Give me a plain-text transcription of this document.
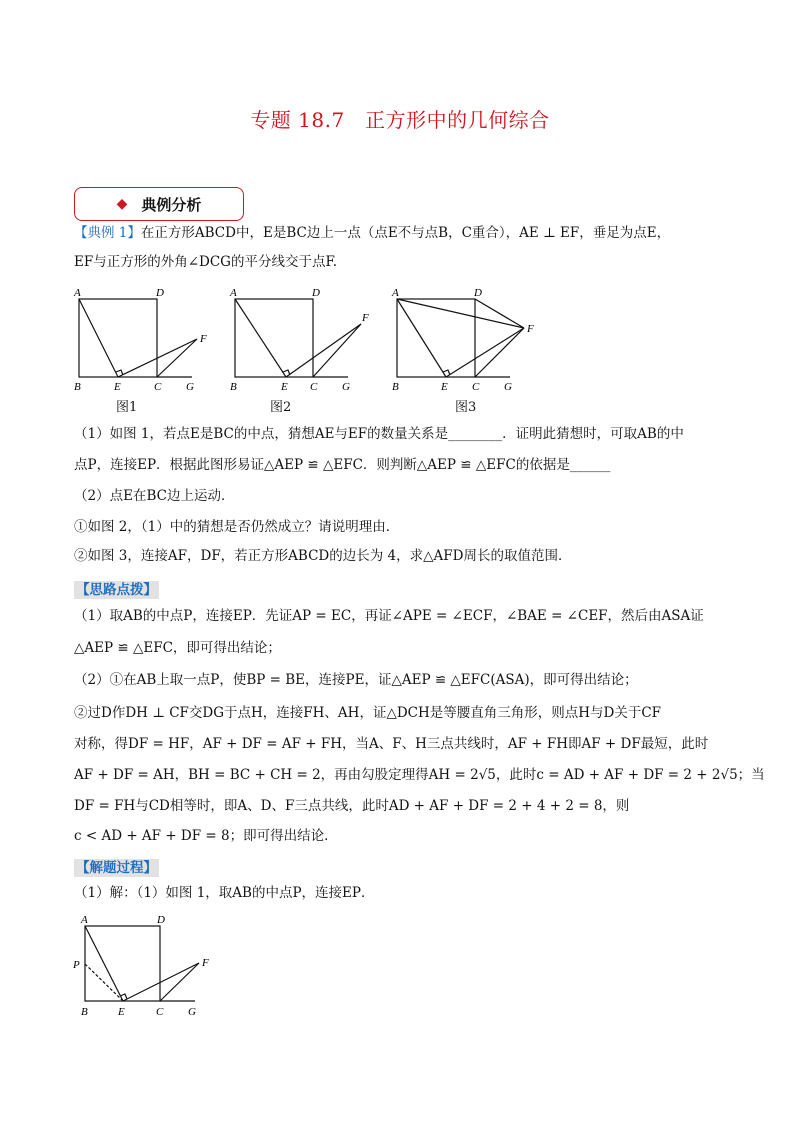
专题 18.7　正方形中的几何综合
◆ 典例分析
【典例 1】在正方形ABCD中，E是BC边上一点（点E不与点B，C重合），AE ⊥ EF，垂足为点E，
EF与正方形的外角∠DCG的平分线交于点F.
A	D
B	E	C G
F
图1
A	D
B	E C G
F
图2
A	D
B	E C G
F
图3
（1）如图 1，若点E是BC的中点，猜想AE与EF的数量关系是________．证明此猜想时，可取AB的中
点P，连接EP．根据此图形易证△AEP ≌ △EFC．则判断△AEP ≌ △EFC的依据是______
（2）点E在BC边上运动．
①如图 2，（1）中的猜想是否仍然成立？请说明理由．
②如图 3，连接AF，DF，若正方形ABCD的边长为 4，求△AFD周长的取值范围．
【思路点拨】
（1）取AB的中点P，连接EP．先证AP = EC，再证∠APE = ∠ECF，∠BAE = ∠CEF，然后由ASA证
△AEP ≌ △EFC，即可得出结论；
（2）①在AB上取一点P，使BP = BE，连接PE，证△AEP ≌ △EFC(ASA)，即可得出结论；
②过D作DH ⊥ CF交DG于点H，连接FH、AH，证△DCH是等腰直角三角形，则点H与D关于CF
对称，得DF = HF，AF + DF = AF + FH，当A、F、H三点共线时，AF + FH即AF + DF最短，此时
AF + DF = AH，BH = BC + CH = 2，再由勾股定理得AH = 2√5，此时c = AD + AF + DF = 2 + 2√5；当
DF = FH与CD相等时，即A、D、F三点共线，此时AD + AF + DF = 2 + 4 + 2 = 8，则
c < AD + AF + DF = 8；即可得出结论．
【解题过程】
（1）解：（1）如图 1，取AB的中点P，连接EP．
A	D
P
B	E	C G
F
